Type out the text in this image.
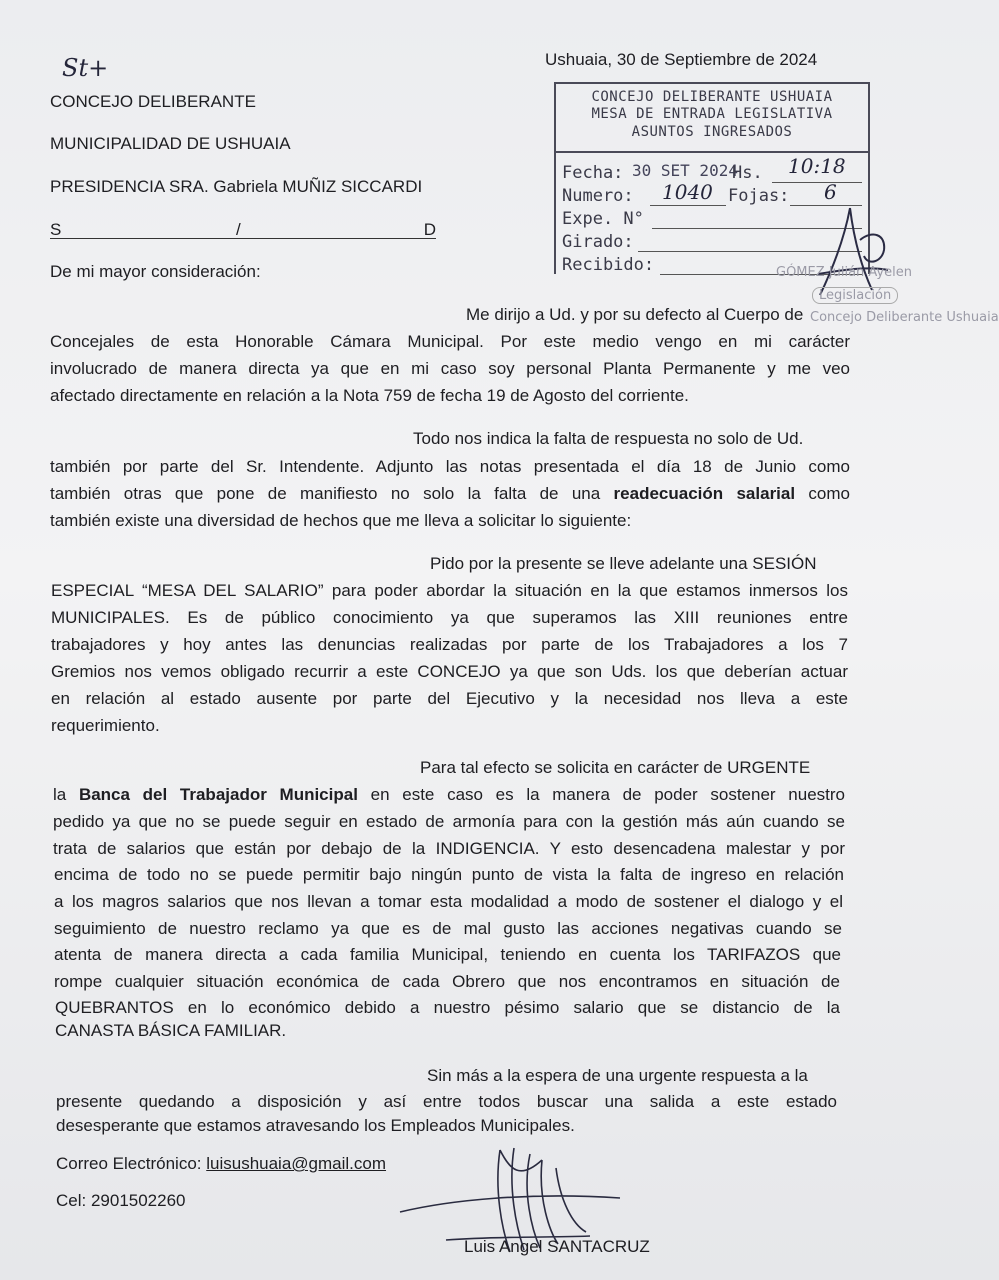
St+	Ushuaia, 30 de Septiembre de 2024
CONCEJO DELIBERANTE
MUNICIPALIDAD DE USHUAIA
PRESIDENCIA SRA. Gabriela MUÑIZ SICCARDI
S	/	D
De mi mayor consideración:
CONCEJO DELIBERANTE USHUAIA
MESA DE ENTRADA LEGISLATIVA
ASUNTOS INGRESADOS
Fecha: 30 SET 2024
Hs. 10:18
Numero: 1040 Fojas: 6
Expe. N°
Girado:
Recibido:	GÓMEZ Julián Ayelen
Legislación
Concejo Deliberante Ushuaia
Me dirijo a Ud. y por su defecto al Cuerpo de
Concejales de esta Honorable Cámara Municipal. Por este medio vengo en mi carácter
involucrado de manera directa ya que en mi caso soy personal Planta Permanente y me veo
afectado directamente en relación a la Nota 759 de fecha 19 de Agosto del corriente.
Todo nos indica la falta de respuesta no solo de Ud.
también por parte del Sr. Intendente. Adjunto las notas presentada el día 18 de Junio como
también otras que pone de manifiesto no solo la falta de una readecuación salarial como
también existe una diversidad de hechos que me lleva a solicitar lo siguiente:
Pido por la presente se lleve adelante una SESIÓN
ESPECIAL “MESA DEL SALARIO” para poder abordar la situación en la que estamos inmersos los
MUNICIPALES. Es de público conocimiento ya que superamos las XIII reuniones entre
trabajadores y hoy antes las denuncias realizadas por parte de los Trabajadores a los 7
Gremios nos vemos obligado recurrir a este CONCEJO ya que son Uds. los que deberían actuar
en relación al estado ausente por parte del Ejecutivo y la necesidad nos lleva a este
requerimiento.
Para tal efecto se solicita en carácter de URGENTE
la Banca del Trabajador Municipal en este caso es la manera de poder sostener nuestro
pedido ya que no se puede seguir en estado de armonía para con la gestión más aún cuando se
trata de salarios que están por debajo de la INDIGENCIA. Y esto desencadena malestar y por
encima de todo no se puede permitir bajo ningún punto de vista la falta de ingreso en relación
a los magros salarios que nos llevan a tomar esta modalidad a modo de sostener el dialogo y el
seguimiento de nuestro reclamo ya que es de mal gusto las acciones negativas cuando se
atenta de manera directa a cada familia Municipal, teniendo en cuenta los TARIFAZOS que
rompe cualquier situación económica de cada Obrero que nos encontramos en situación de
QUEBRANTOS en lo económico debido a nuestro pésimo salario que se distancio de la
CANASTA BÁSICA FAMILIAR.
Sin más a la espera de una urgente respuesta a la
presente quedando a disposición y así entre todos buscar una salida a este estado
desesperante que estamos atravesando los Empleados Municipales.
Correo Electrónico: luisushuaia@gmail.com
Cel: 2901502260
Luis Angel SANTACRUZ
